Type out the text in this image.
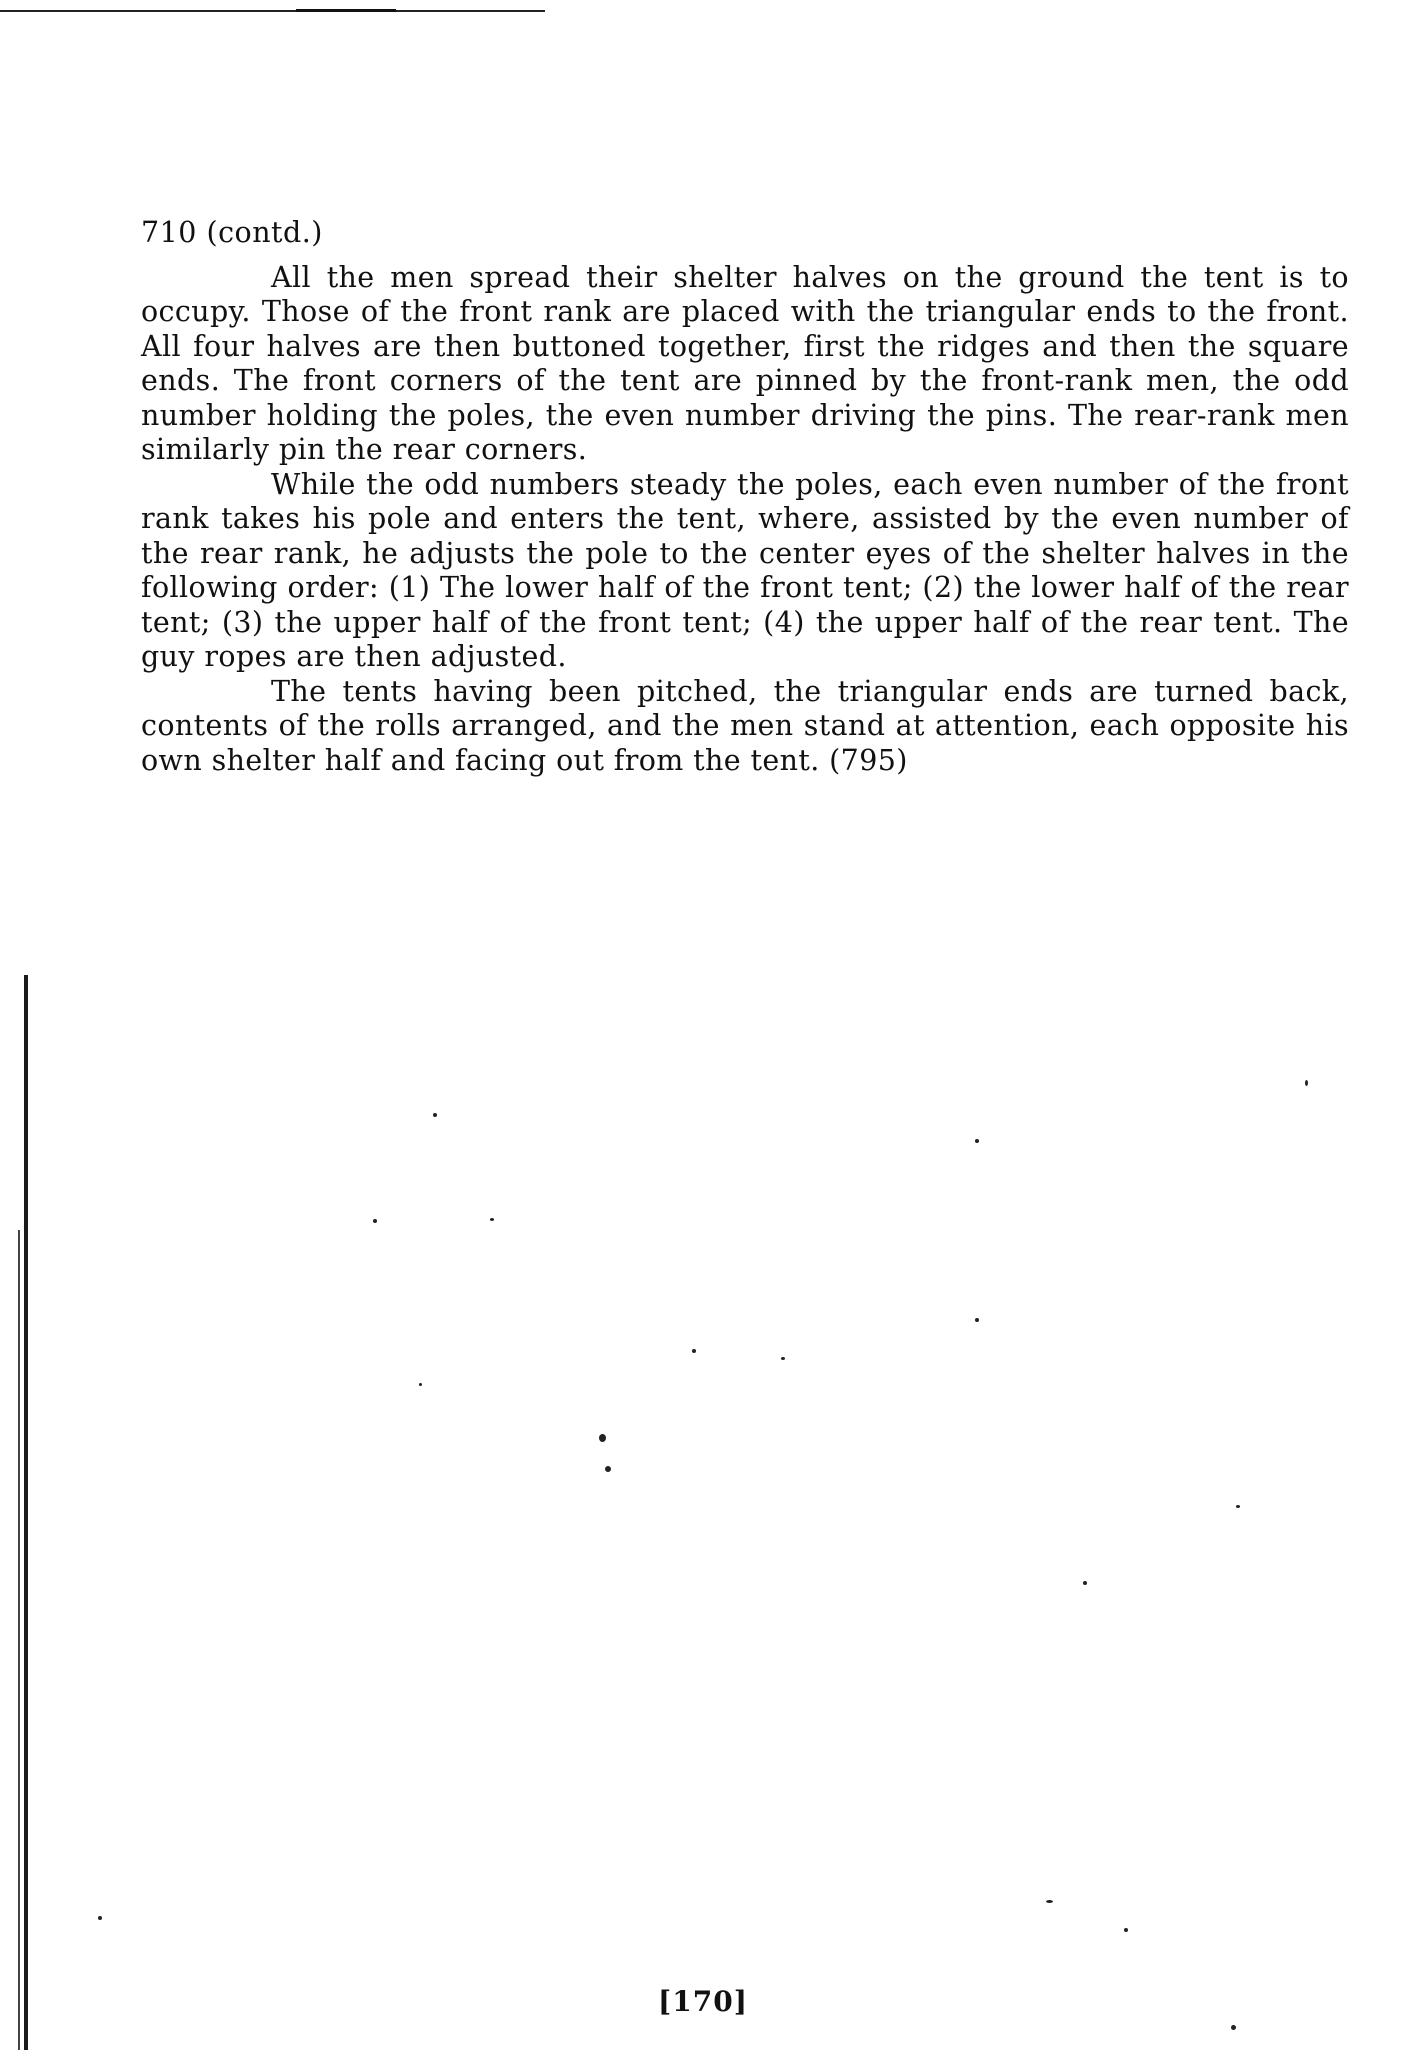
710 (contd.)

All the men spread their shelter halves on the ground the tent is to occupy. Those of the front rank are placed with the triangular ends to the front. All four halves are then buttoned together, first the ridges and then the square ends. The front corners of the tent are pinned by the front-rank men, the odd number holding the poles, the even number driving the pins. The rear-rank men similarly pin the rear corners.

While the odd numbers steady the poles, each even number of the front rank takes his pole and enters the tent, where, assisted by the even number of the rear rank, he adjusts the pole to the center eyes of the shelter halves in the following order: (1) The lower half of the front tent; (2) the lower half of the rear tent; (3) the upper half of the front tent; (4) the upper half of the rear tent. The guy ropes are then adjusted.

The tents having been pitched, the triangular ends are turned back, contents of the rolls arranged, and the men stand at attention, each opposite his own shelter half and facing out from the tent. (795)

[170]
